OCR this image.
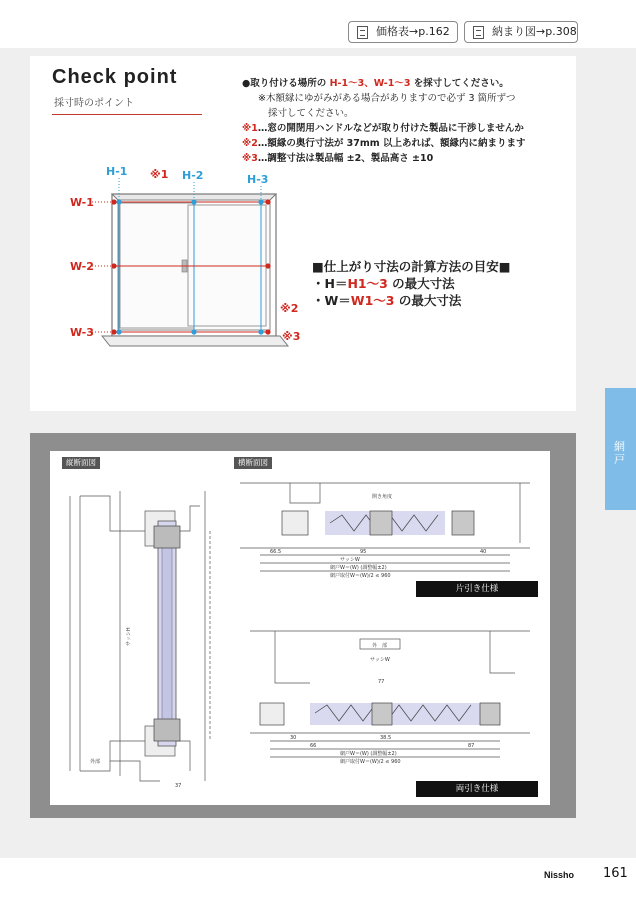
価格表→p.162	納まり図→p.308
Check point
採寸時のポイント
●取り付ける場所の H-1〜3、W-1〜3 を採寸してください。
※木額縁にゆがみがある場合がありますので必ず 3 箇所ずつ
採寸してください。
※1…窓の開閉用ハンドルなどが取り付けた製品に干渉しませんか
※2…額縁の奥行寸法が 37mm 以上あれば、額縁内に納まります
※3…調整寸法は製品幅 ±2、製品高さ ±10
H-1	H-2	H-3
W-1
W-2
W-3
※1
※2
※3
■仕上がり寸法の計算方法の目安■
・H＝H1〜3 の最大寸法
・W＝W1〜3 の最大寸法
網戸
縦断面図	横断面図
サッシH
外部
37
開き角度
66.5	95	40
サッシW
網戸W＝(W) (調整幅±2)
網戸取付W＝(W)/2 ≤ 960
片引き仕様
外　部
サッシW
77
30	38.5
66	87
網戸W＝(W) (調整幅±2)
網戸取付W＝(W)/2 ≤ 960
両引き仕様
Nissho 161
